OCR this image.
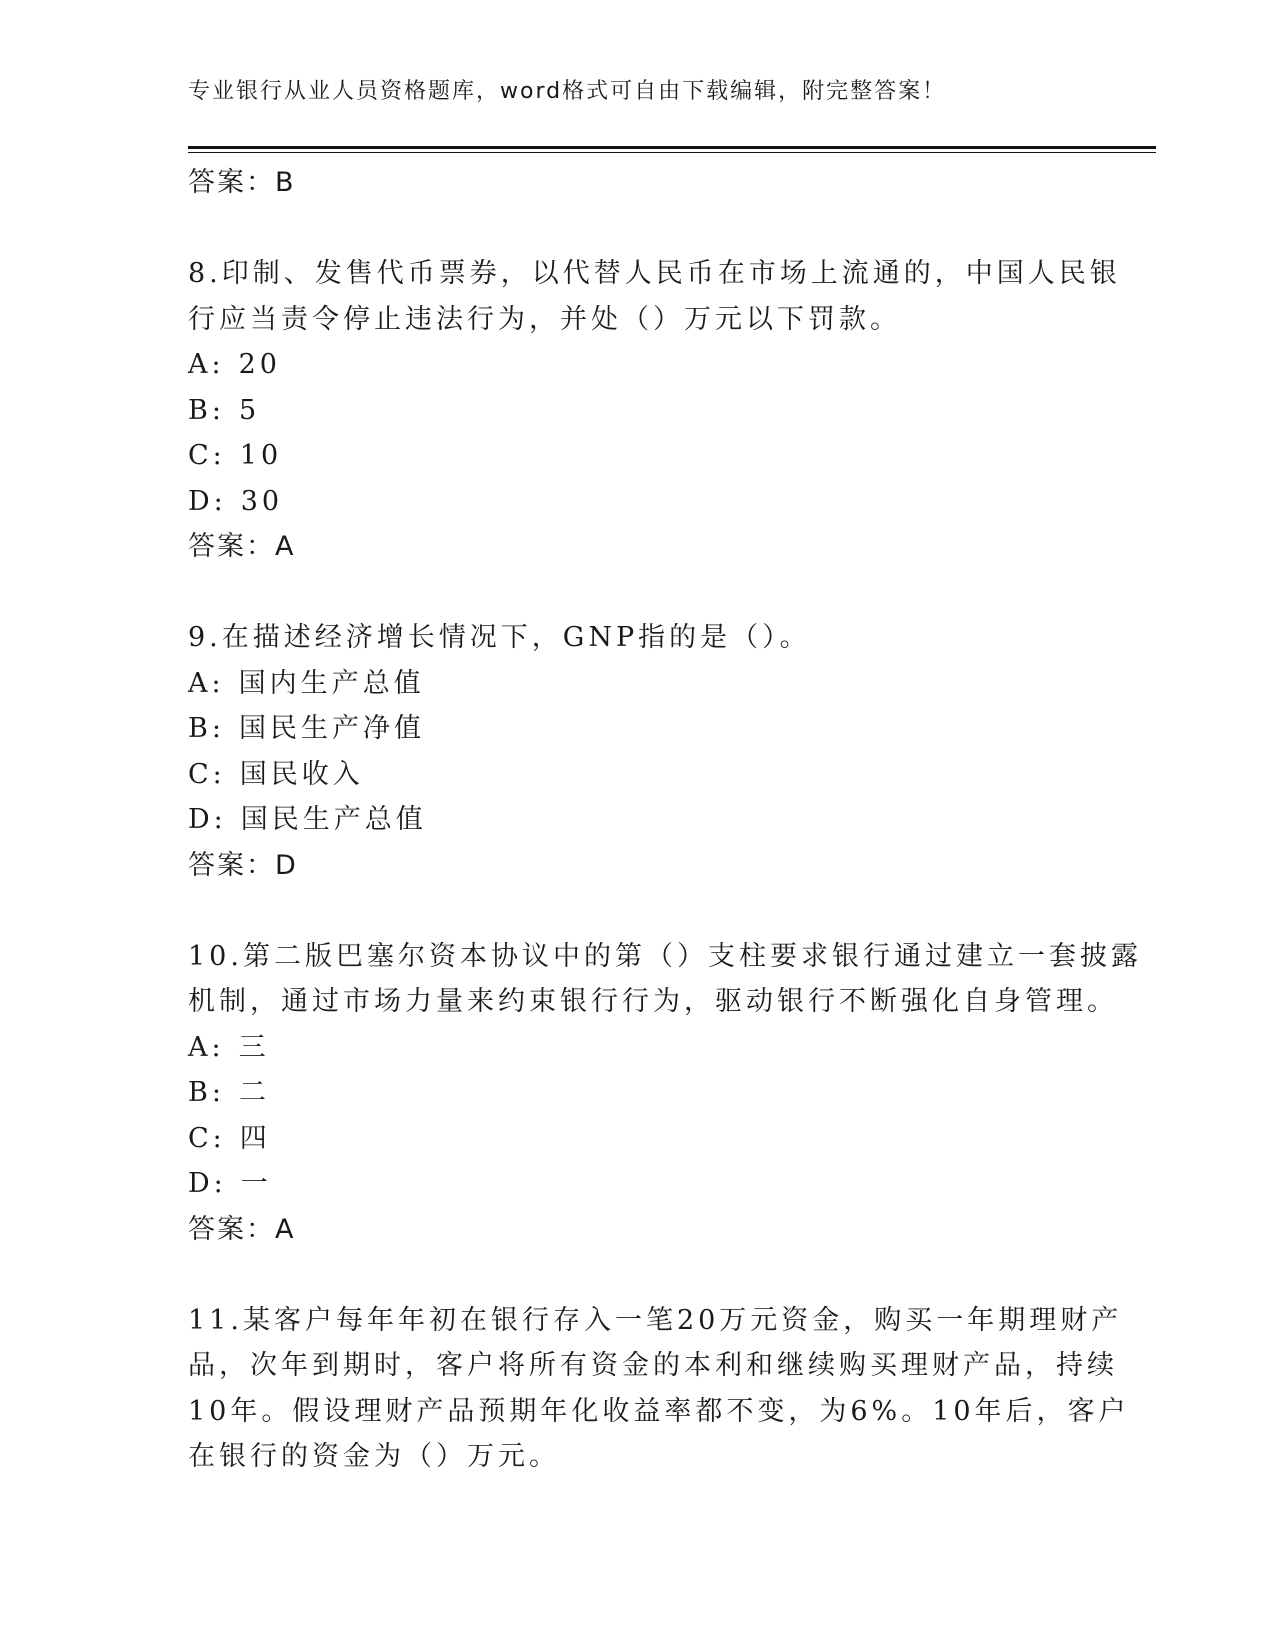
专业银行从业人员资格题库，word格式可自由下载编辑，附完整答案！
答案：B
8.印制、发售代币票券，以代替人民币在市场上流通的，中国人民银
行应当责令停止违法行为，并处（）万元以下罚款。
A: 20
B: 5
C: 10
D: 30
答案：A
9.在描述经济增长情况下，GNP指的是（）。
A: 国内生产总值
B: 国民生产净值
C: 国民收入
D: 国民生产总值
答案：D
10.第二版巴塞尔资本协议中的第（）支柱要求银行通过建立一套披露
机制，通过市场力量来约束银行行为，驱动银行不断强化自身管理。
A: 三
B: 二
C: 四
D: 一
答案：A
11.某客户每年年初在银行存入一笔20万元资金，购买一年期理财产
品，次年到期时，客户将所有资金的本利和继续购买理财产品，持续
10年。假设理财产品预期年化收益率都不变，为6%。10年后，客户
在银行的资金为（）万元。
